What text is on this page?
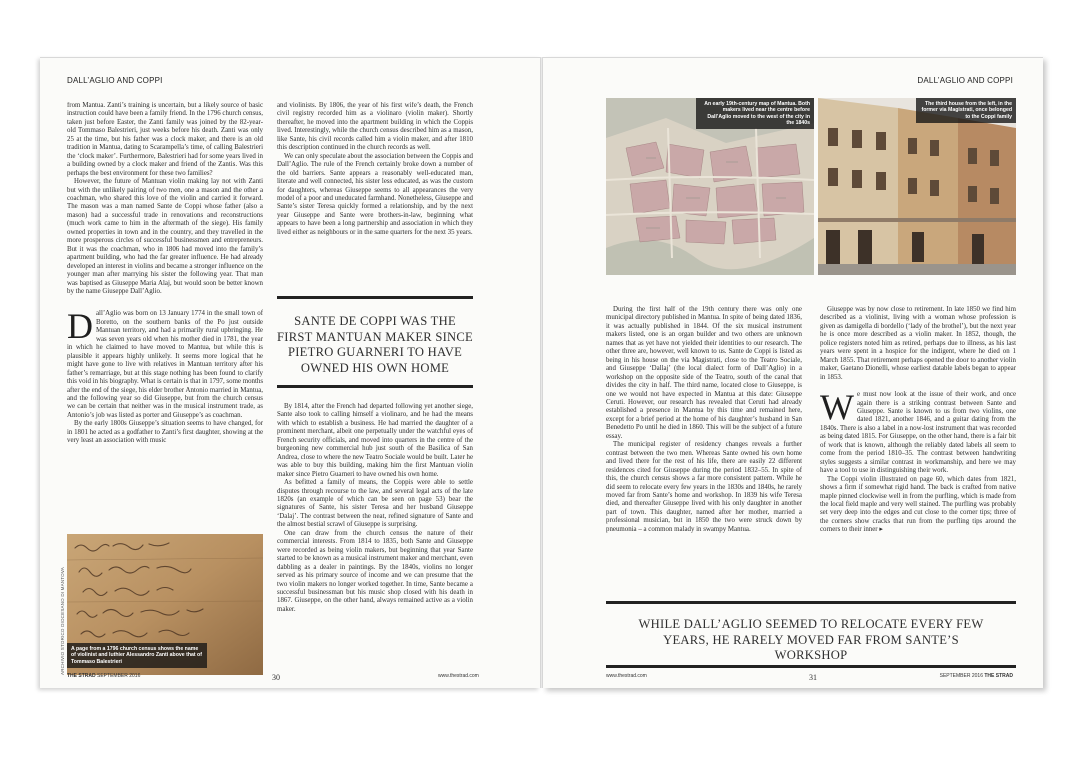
DALL’AGLIO AND COPPI

from Mantua. Zanti’s training is uncertain, but a likely source of basic instruction could have been a family friend. In the 1796 church census, taken just before Easter, the Zanti family was joined by the 82-year-old Tommaso Balestrieri, just weeks before his death. Zanti was only 25 at the time, but his father was a clock maker, and there is an old tradition in Mantua, dating to Scarampella’s time, of calling Balestrieri the ‘clock maker’. Furthermore, Balestrieri had for some years lived in a building owned by a clock maker and friend of the Zantis. Was this perhaps the best environment for these two families?

However, the future of Mantuan violin making lay not with Zanti but with the unlikely pairing of two men, one a mason and the other a coachman, who shared this love of the violin and carried it forward. The mason was a man named Sante de Coppi whose father (also a mason) had a successful trade in renovations and reconstructions (much work came to him in the aftermath of the siege). His family owned properties in town and in the country, and they travelled in the more prosperous circles of successful businessmen and entrepreneurs. But it was the coachman, who in 1806 had moved into the family’s apartment building, who had the far greater influence. He had already developed an interest in violins and became a stronger influence on the younger man after marrying his sister the following year. That man was baptised as Giuseppe Maria Alaj, but would soon be better known by the name Giuseppe Dall’Aglio.

Dall’Aglio was born on 13 January 1774 in the small town of Boretto, on the southern banks of the Po just outside Mantuan territory, and had a primarily rural upbringing. He was seven years old when his mother died in 1781, the year in which he claimed to have moved to Mantua, but while this is plausible it appears highly unlikely. It seems more logical that he might have gone to live with relatives in Mantuan territory after his father’s remarriage, but at this stage nothing has been found to clarify this void in his biography. What is certain is that in 1797, some months after the end of the siege, his elder brother Antonio married in Mantua, and the following year so did Giuseppe, but from the church census we can be certain that neither was in the musical instrument trade, as Antonio’s job was listed as porter and Giuseppe’s as coachman.

By the early 1800s Giuseppe’s situation seems to have changed, for in 1801 he acted as a godfather to Zanti’s first daughter, showing at the very least an association with music

A page from a 1796 church census shows the name of violinist and luthier Alessandro Zanti above that of Tommaso Balestrieri
ARCHIVIO STORICO DIOCESANO DI MANTOVA

and violinists. By 1806, the year of his first wife’s death, the French civil registry recorded him as a violinaro (violin maker). Shortly thereafter, he moved into the apartment building in which the Coppis lived. Interestingly, while the church census described him as a mason, like Sante, his civil records called him a violin maker, and after 1810 this description continued in the church records as well.

We can only speculate about the association between the Coppis and Dall’Aglio. The rule of the French certainly broke down a number of the old barriers. Sante appears a reasonably well-educated man, literate and well connected, his sister less educated, as was the custom for daughters, whereas Giuseppe seems to all appearances the very model of a poor and uneducated farmhand. Nonetheless, Giuseppe and Sante’s sister Teresa quickly formed a relationship, and by the next year Giuseppe and Sante were brothers-in-law, beginning what appears to have been a long partnership and association in which they lived either as neighbours or in the same quarters for the next 35 years.

SANTE DE COPPI WAS THE FIRST MANTUAN MAKER SINCE PIETRO GUARNERI TO HAVE OWNED HIS OWN HOME

By 1814, after the French had departed following yet another siege, Sante also took to calling himself a violinaro, and he had the means with which to establish a business. He had married the daughter of a prominent merchant, albeit one perpetually under the watchful eyes of French security officials, and moved into quarters in the centre of the burgeoning new commercial hub just south of the Basilica of San Andrea, close to where the new Teatro Sociale would be built. Later he was able to buy this building, making him the first Mantuan violin maker since Pietro Guarneri to have owned his own home.

As befitted a family of means, the Coppis were able to settle disputes through recourse to the law, and several legal acts of the late 1820s (an example of which can be seen on page 53) bear the signatures of Sante, his sister Teresa and her husband Giuseppe ‘Dalaj’. The contrast between the neat, refined signature of Sante and the almost bestial scrawl of Giuseppe is surprising.

One can draw from the church census the nature of their commercial interests. From 1814 to 1835, both Sante and Giuseppe were recorded as being violin makers, but beginning that year Sante started to be known as a musical instrument maker and merchant, even dabbling as a dealer in paintings. By the 1840s, violins no longer served as his primary source of income and we can presume that the two violin makers no longer worked together. In time, Sante became a successful businessman but his music shop closed with his death in 1867. Giuseppe, on the other hand, always remained active as a violin maker.

THE STRAD SEPTEMBER 2016	30	www.thestrad.com
DALL’AGLIO AND COPPI
An early 19th-century map of Mantua. Both makers lived near the centre before Dall’Aglio moved to the west of the city in the 1840s
The third house from the left, in the former via Magistrati, once belonged to the Coppi family

During the first half of the 19th century there was only one municipal directory published in Mantua. In spite of being dated 1836, it was actually published in 1844. Of the six musical instrument makers listed, one is an organ builder and two others are unknown names that as yet have not yielded their identities to our research. The other three are, however, well known to us. Sante de Coppi is listed as being in his house on the via Magistrati, close to the Teatro Sociale, and Giuseppe ‘Dallaj’ (the local dialect form of Dall’Aglio) in a workshop on the opposite side of the Teatro, south of the canal that divides the city in half. The third name, located close to Giuseppe, is one we would not have expected in Mantua at this date: Giuseppe Ceruti. However, our research has revealed that Ceruti had already established a presence in Mantua by this time and remained here, except for a brief period at the home of his daughter’s husband in San Benedetto Po until he died in 1860. This will be the subject of a future essay.

The municipal register of residency changes reveals a further contrast between the two men. Whereas Sante owned his own home and lived there for the rest of his life, there are easily 22 different residences cited for Giuseppe during the period 1832–55. In spite of this, the church census shows a far more consistent pattern. While he did seem to relocate every few years in the 1830s and 1840s, he rarely moved far from Sante’s home and workshop. In 1839 his wife Teresa died, and thereafter Giuseppe lived with his only daughter in another part of town. This daughter, named after her mother, married a professional musician, but in 1850 the two were struck down by pneumonia – a common malady in swampy Mantua.

Giuseppe was by now close to retirement. In late 1850 we find him described as a violinist, living with a woman whose profession is given as damigella di bordello (‘lady of the brothel’), but the next year he is once more described as a violin maker. In 1852, though, the police registers noted him as retired, perhaps due to illness, as his last years were spent in a hospice for the indigent, where he died on 1 March 1855. That retirement perhaps opened the door to another violin maker, Gaetano Dionelli, whose earliest datable labels began to appear in 1853.

We must now look at the issue of their work, and once again there is a striking contrast between Sante and Giuseppe. Sante is known to us from two violins, one dated 1821, another 1846, and a guitar dating from the 1840s. There is also a label in a now-lost instrument that was recorded as being dated 1815. For Giuseppe, on the other hand, there is a fair bit of work that is known, although the reliably dated labels all seem to come from the period 1810–35. The contrast between handwriting styles suggests a similar contrast in workmanship, and here we may have a tool to use in distinguishing their work.

The Coppi violin illustrated on page 60, which dates from 1821, shows a firm if somewhat rigid hand. The back is crafted from native maple pinned clockwise well in from the purfling, which is made from the local field maple and very well stained. The purfling was probably set very deep into the edges and cut close to the corner tips; three of the corners show cracks that run from the purfling tips around the corners to their inner ▸

WHILE DALL’AGLIO SEEMED TO RELOCATE EVERY FEW YEARS, HE RARELY MOVED FAR FROM SANTE’S WORKSHOP
www.thestrad.com	31	SEPTEMBER 2016 THE STRAD
